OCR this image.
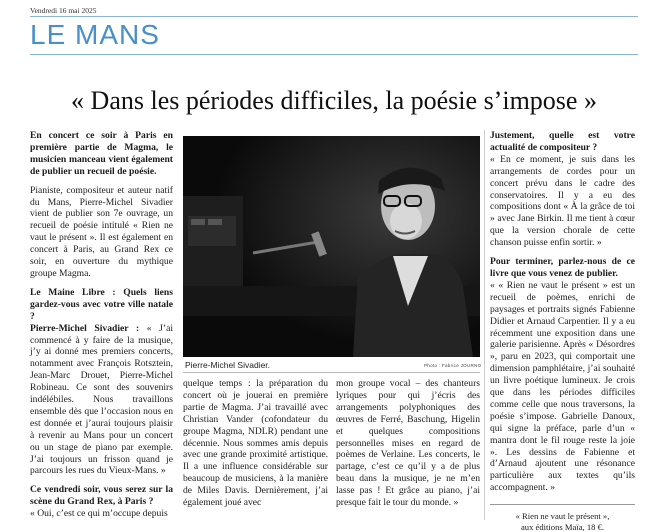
Vendredi 16 mai 2025
LE MANS
« Dans les périodes difficiles, la poésie s’impose »

En concert ce soir à Paris en première partie de Magma, le musicien manceau vient également de publier un recueil de poésie.

Pianiste, compositeur et auteur natif du Mans, Pierre-Michel Sivadier vient de publier son 7e ouvrage, un recueil de poésie intitulé « Rien ne vaut le présent ». Il est également en concert à Paris, au Grand Rex ce soir, en ouverture du mythique groupe Magma.

Le Maine Libre : Quels liens gardez-vous avec votre ville natale ?
Pierre-Michel Sivadier : « J’ai commencé à y faire de la musique, j’y ai donné mes premiers concerts, notamment avec François Rotsztein, Jean-Marc Drouet, Pierre-Michel Robineau. Ce sont des souvenirs indélébiles. Nous travaillons ensemble dès que l’occasion nous en est donnée et j’aurai toujours plaisir à revenir au Mans pour un concert ou un stage de piano par exemple. J’ai toujours un frisson quand je parcours les rues du Vieux-Mans. »

Ce vendredi soir, vous serez sur la scène du Grand Rex, à Paris ?
« Oui, c’est ce qui m’occupe depuis

Pierre-Michel Sivadier.	Photo : Fabrice JOURNO
quelque temps : la préparation du concert où je jouerai en première partie de Magma. J’ai travaillé avec Christian Vander (cofondateur du groupe Magma, NDLR) pendant une décennie. Nous sommes amis depuis avec une grande proximité artistique. Il a une influence considérable sur beaucoup de musiciens, à la manière de Miles Davis. Dernièrement, j’ai également joué avec
mon groupe vocal – des chanteurs lyriques pour qui j’écris des arrangements polyphoniques des œuvres de Ferré, Baschung, Higelin et quelques compositions personnelles mises en regard de poèmes de Verlaine. Les concerts, le partage, c’est ce qu’il y a de plus beau dans la musique, je ne m’en lasse pas ! Et grâce au piano, j’ai presque fait le tour du monde. »

Justement, quelle est votre actualité de compositeur ?

« En ce moment, je suis dans les arrangements de cordes pour un concert prévu dans le cadre des conservatoires. Il y a eu des compositions dont « À la grâce de toi » avec Jane Birkin. Il me tient à cœur que la version chorale de cette chanson puisse enfin sortir. »

Pour terminer, parlez-nous de ce livre que vous venez de publier.

« « Rien ne vaut le présent » est un recueil de poèmes, enrichi de paysages et portraits signés Fabienne Didier et Arnaud Carpentier. Il y a eu récemment une exposition dans une galerie parisienne. Après « Désordres », paru en 2023, qui comportait une dimension pamphlétaire, j’ai souhaité un livre poétique lumineux. Je crois que dans les périodes difficiles comme celle que nous traversons, la poésie s’impose. Gabrielle Danoux, qui signe la préface, parle d’un « mantra dont le fil rouge reste la joie ». Les dessins de Fabienne et d’Arnaud ajoutent une résonance particulière aux textes qu’ils accompagnent. »

« Rien ne vaut le présent »,
aux éditions Maïa, 18 €.
